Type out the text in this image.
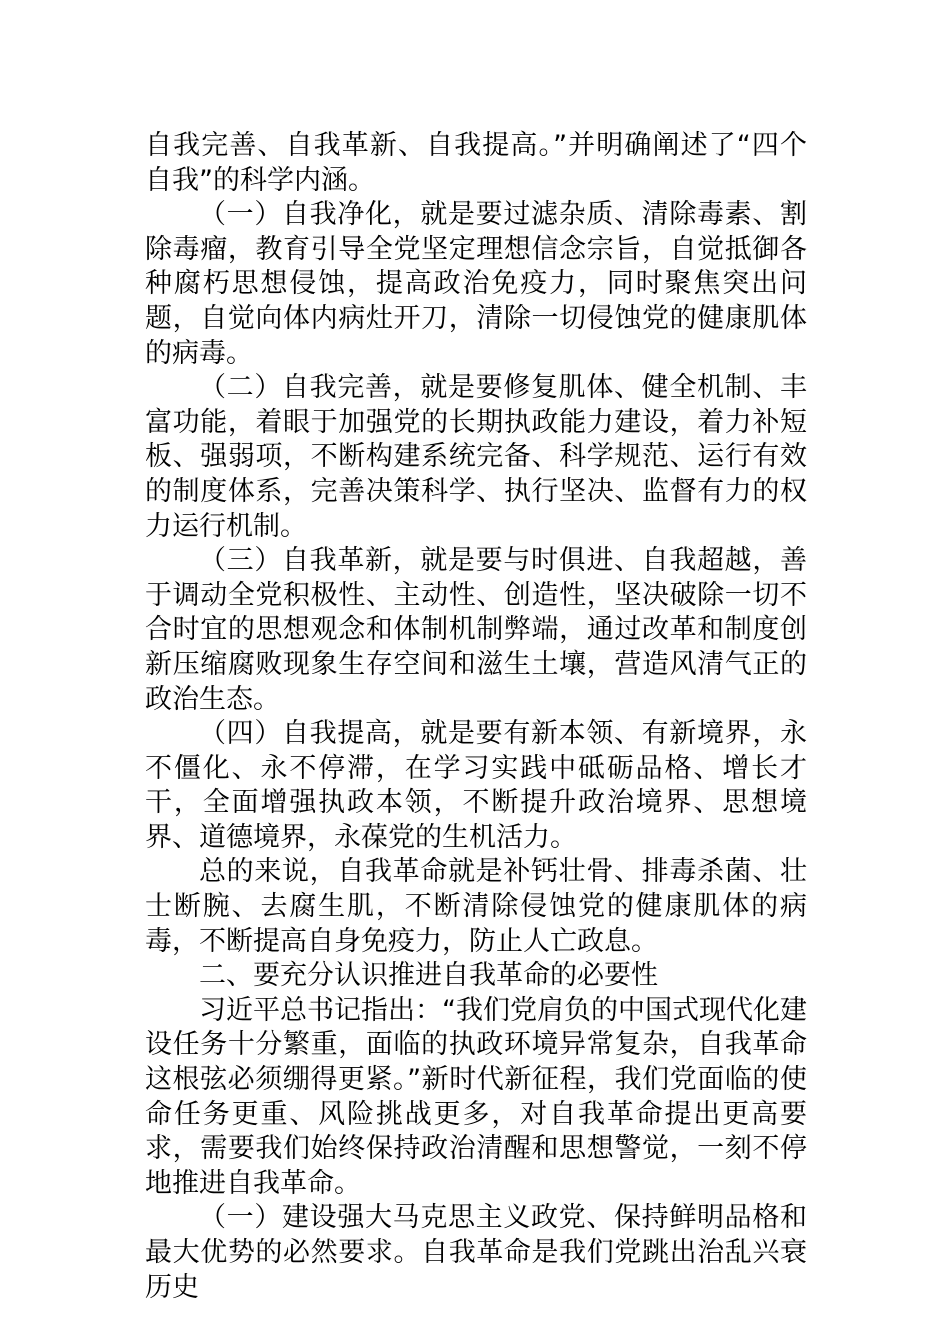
自我完善、自我革新、自我提高。”并明确阐述了“四个自我”的科学内涵。

（一）自我净化，就是要过滤杂质、清除毒素、割除毒瘤，教育引导全党坚定理想信念宗旨，自觉抵御各种腐朽思想侵蚀，提高政治免疫力，同时聚焦突出问题，自觉向体内病灶开刀，清除一切侵蚀党的健康肌体的病毒。

（二）自我完善，就是要修复肌体、健全机制、丰富功能，着眼于加强党的长期执政能力建设，着力补短板、强弱项，不断构建系统完备、科学规范、运行有效的制度体系，完善决策科学、执行坚决、监督有力的权力运行机制。

（三）自我革新，就是要与时俱进、自我超越，善于调动全党积极性、主动性、创造性，坚决破除一切不合时宜的思想观念和体制机制弊端，通过改革和制度创新压缩腐败现象生存空间和滋生土壤，营造风清气正的政治生态。

（四）自我提高，就是要有新本领、有新境界，永不僵化、永不停滞，在学习实践中砥砺品格、增长才干，全面增强执政本领，不断提升政治境界、思想境界、道德境界，永葆党的生机活力。

总的来说，自我革命就是补钙壮骨、排毒杀菌、壮士断腕、去腐生肌，不断清除侵蚀党的健康肌体的病毒，不断提高自身免疫力，防止人亡政息。

二、要充分认识推进自我革命的必要性

习近平总书记指出：“我们党肩负的中国式现代化建设任务十分繁重，面临的执政环境异常复杂，自我革命这根弦必须绷得更紧。”新时代新征程，我们党面临的使命任务更重、风险挑战更多，对自我革命提出更高要求，需要我们始终保持政治清醒和思想警觉，一刻不停地推进自我革命。

（一）建设强大马克思主义政党、保持鲜明品格和最大优势的必然要求。自我革命是我们党跳出治乱兴衰历史
